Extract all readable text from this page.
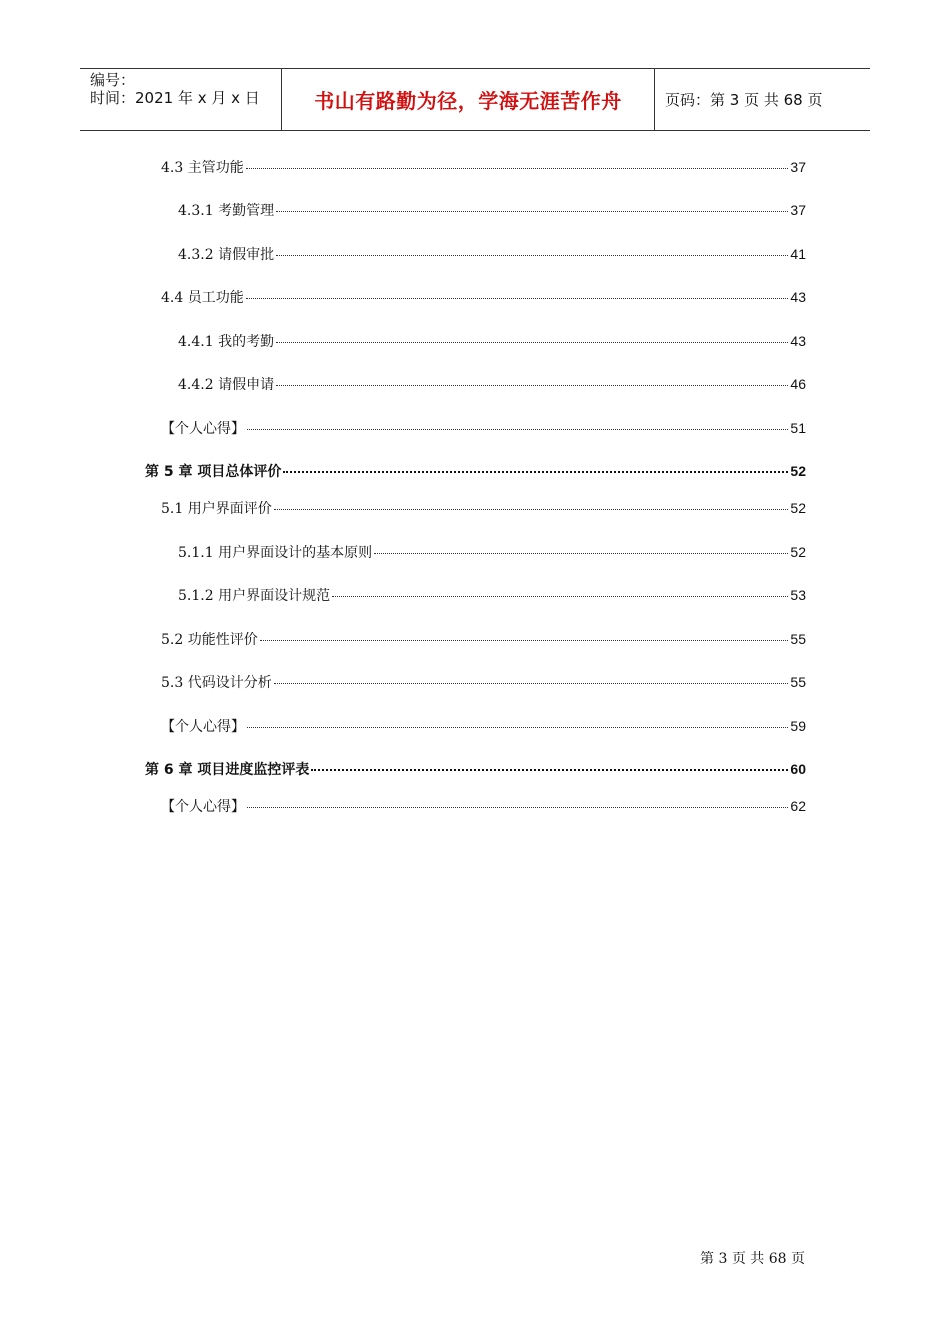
编号：
时间：2021 年 x 月 x 日	书山有路勤为径，学海无涯苦作舟	页码：第 3 页 共 68 页
4.3 主管功能	37
4.3.1 考勤管理	37
4.3.2 请假审批	41
4.4 员工功能	43
4.4.1 我的考勤	43
4.4.2 请假申请	46
【个人心得】	51
第 5 章 项目总体评价	52
5.1 用户界面评价	52
5.1.1 用户界面设计的基本原则	52
5.1.2 用户界面设计规范	53
5.2 功能性评价	55
5.3 代码设计分析	55
【个人心得】	59
第 6 章 项目进度监控评表	60
【个人心得】	62
第 3 页 共 68 页
